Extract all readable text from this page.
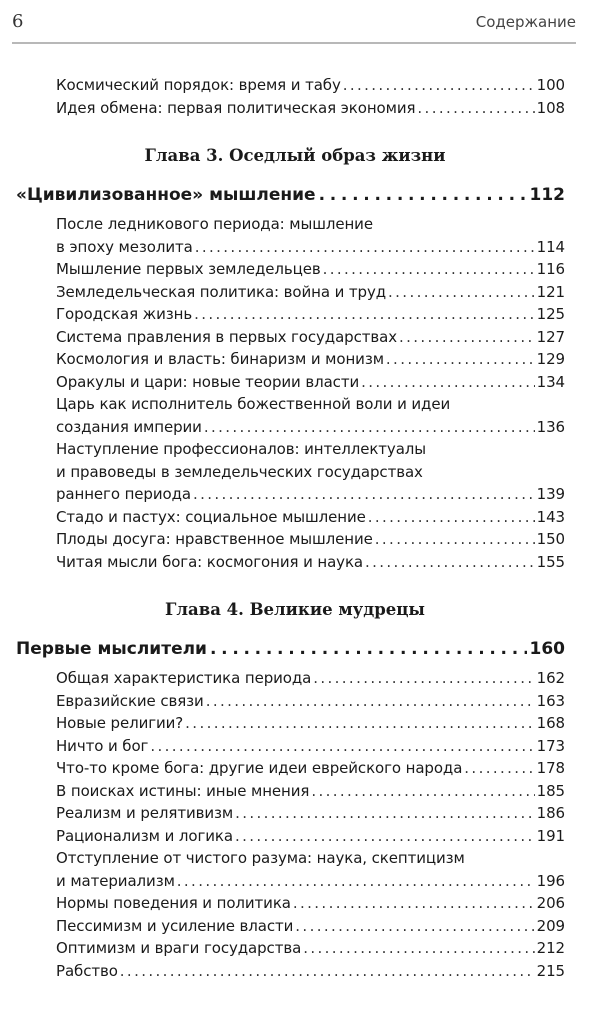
6	Содержание
Космический порядок: время и табу . . .	100
Идея обмена: первая политическая экономия . . .	108
Глава 3. Оседлый образ жизни
«Цивилизованное» мышление . . .	112
После ледникового периода: мышление
в эпоху мезолита . . .	114
Мышление первых земледельцев . . .	116
Земледельческая политика: война и труд . . .	121
Городская жизнь . . .	125
Система правления в первых государствах . . .	127
Космология и власть: бинаризм и монизм . . .	129
Оракулы и цари: новые теории власти . . .	134
Царь как исполнитель божественной воли и идеи
создания империи . . .	136
Наступление профессионалов: интеллектуалы
и правоведы в земледельческих государствах
раннего периода . . .	139
Стадо и пастух: социальное мышление . . .	143
Плоды досуга: нравственное мышление . . .	150
Читая мысли бога: космогония и наука . . .	155
Глава 4. Великие мудрецы
Первые мыслители . . .	160
Общая характеристика периода . . .	162
Евразийские связи . . .	163
Новые религии? . . .	168
Ничто и бог . . .	173
Что-то кроме бога: другие идеи еврейского народа . . .	178
В поисках истины: иные мнения . . .	185
Реализм и релятивизм . . .	186
Рационализм и логика . . .	191
Отступление от чистого разума: наука, скептицизм
и материализм . . .	196
Нормы поведения и политика . . .	206
Пессимизм и усиление власти . . .	209
Оптимизм и враги государства . . .	212
Рабство . . .	215
